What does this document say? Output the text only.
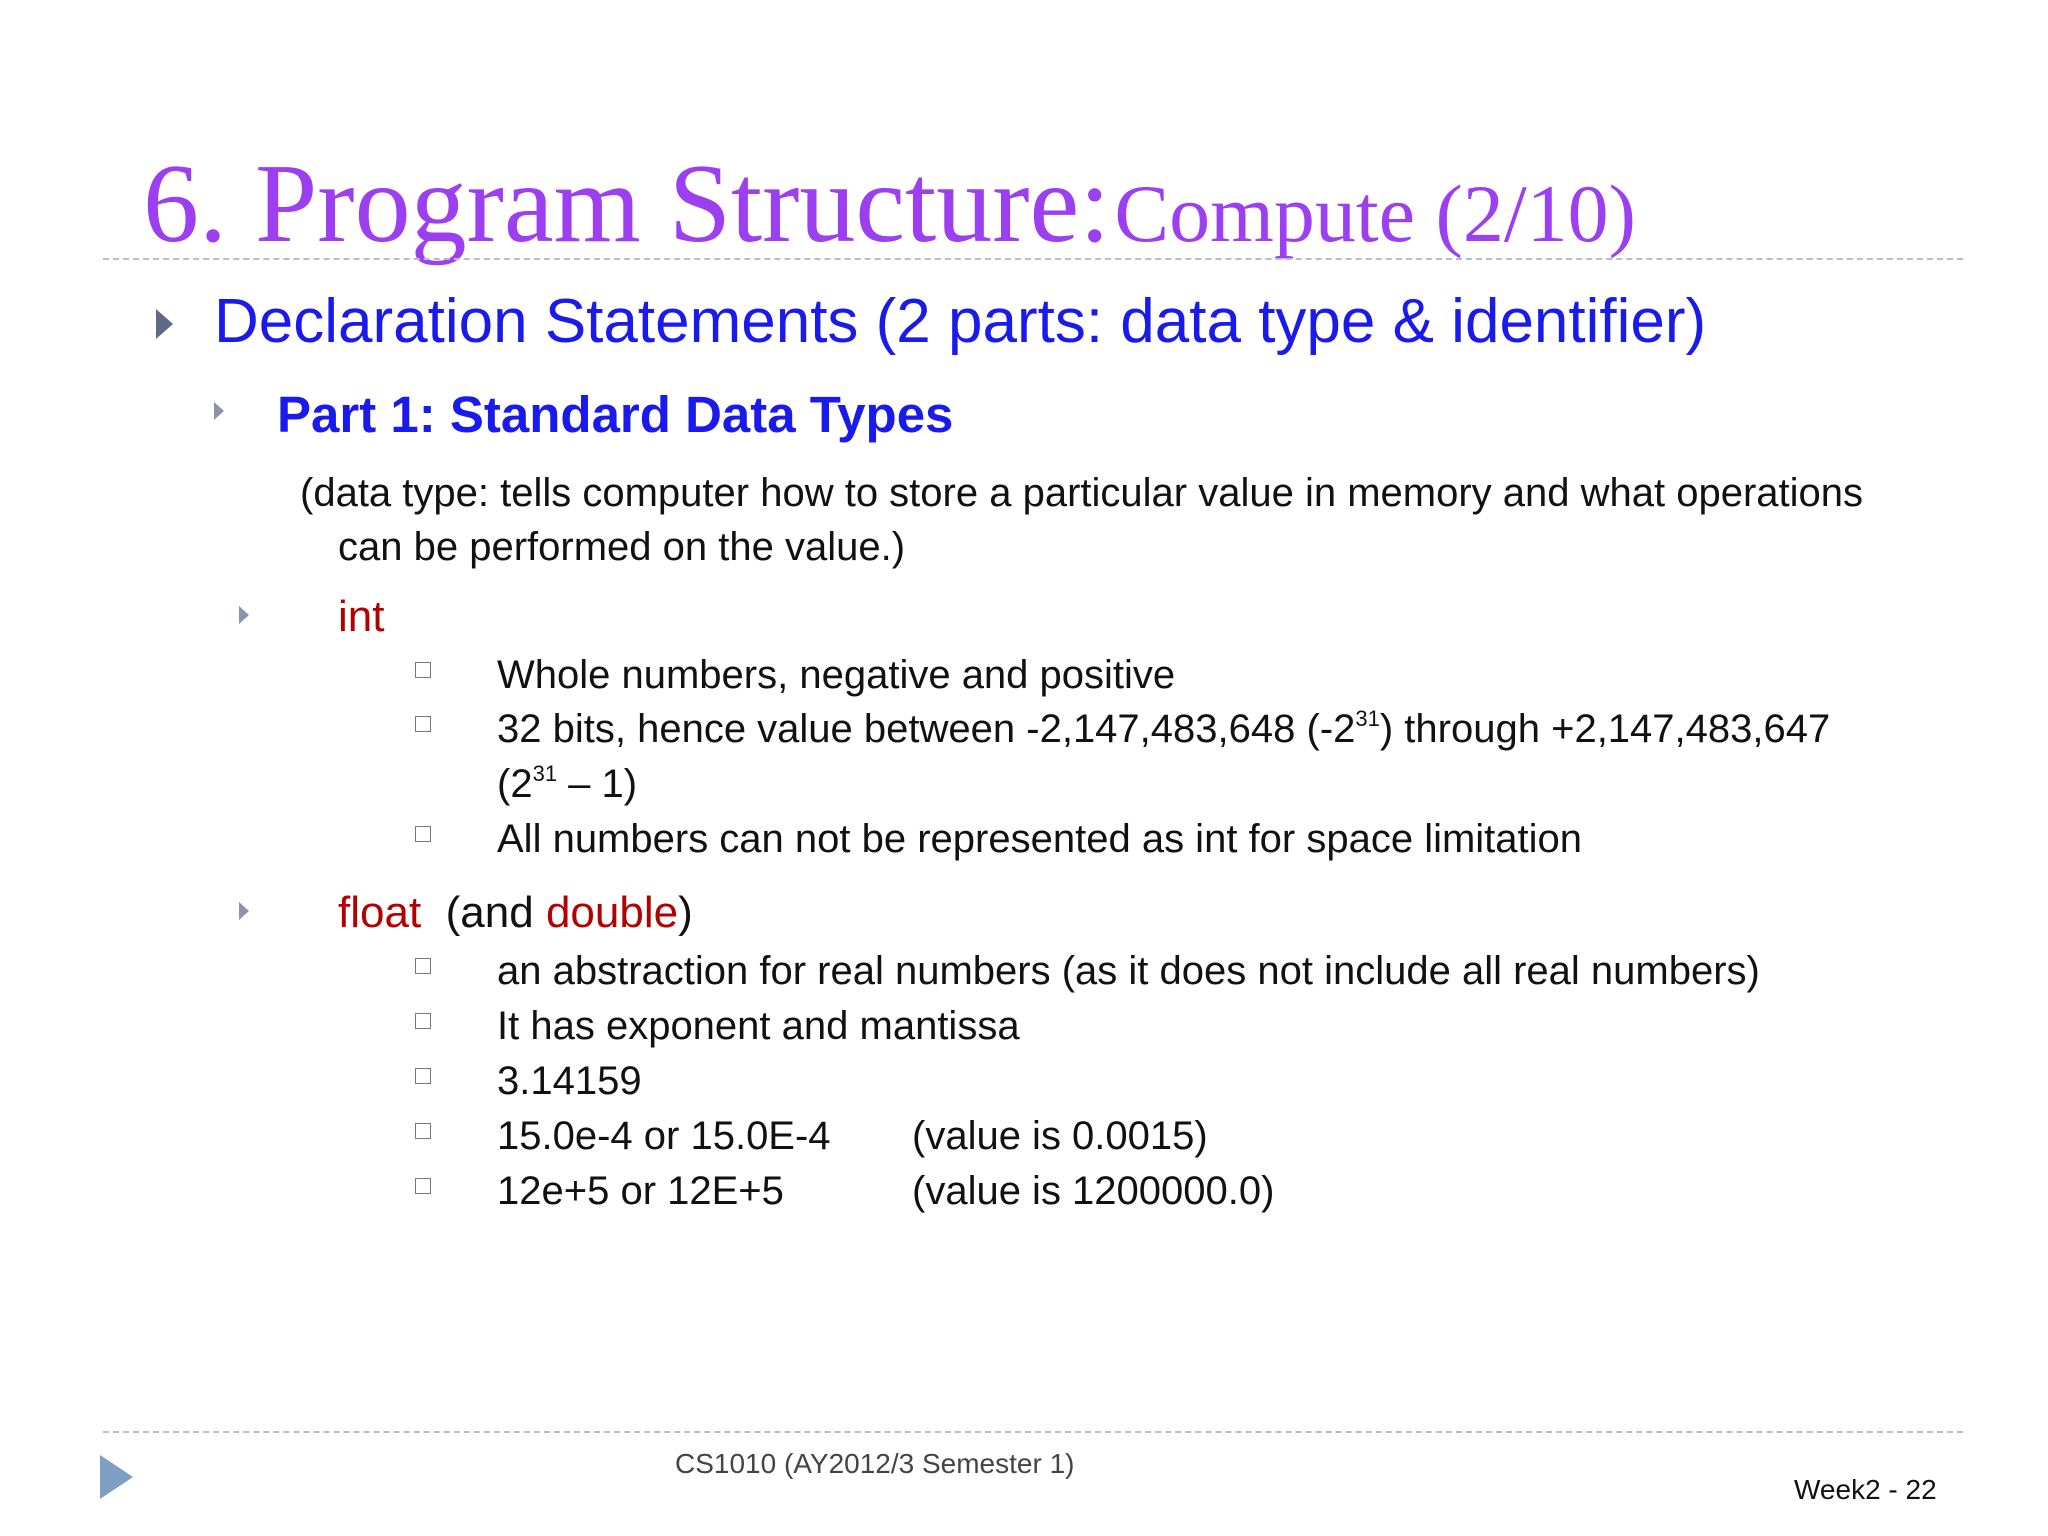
6. Program Structure: Compute (2/10)
Declaration Statements (2 parts: data type & identifier)
Part 1: Standard Data Types
(data type: tells computer how to store a particular value in memory and what operations
can be performed on the value.)
int
Whole numbers, negative and positive
32 bits, hence value between -2,147,483,648 $(-2^{31})$ through +2,147,483,647
$(2^{31} - 1)$
All numbers can not be represented as int for space limitation
float (and double)
an abstraction for real numbers (as it does not include all real numbers)
It has exponent and mantissa
3.14159
15.0e-4 or 15.0E-4 (value is 0.0015)
12e+5 or 12E+5	(value is 1200000.0)
CS1010 (AY2012/3 Semester 1)
Week2 - 22
